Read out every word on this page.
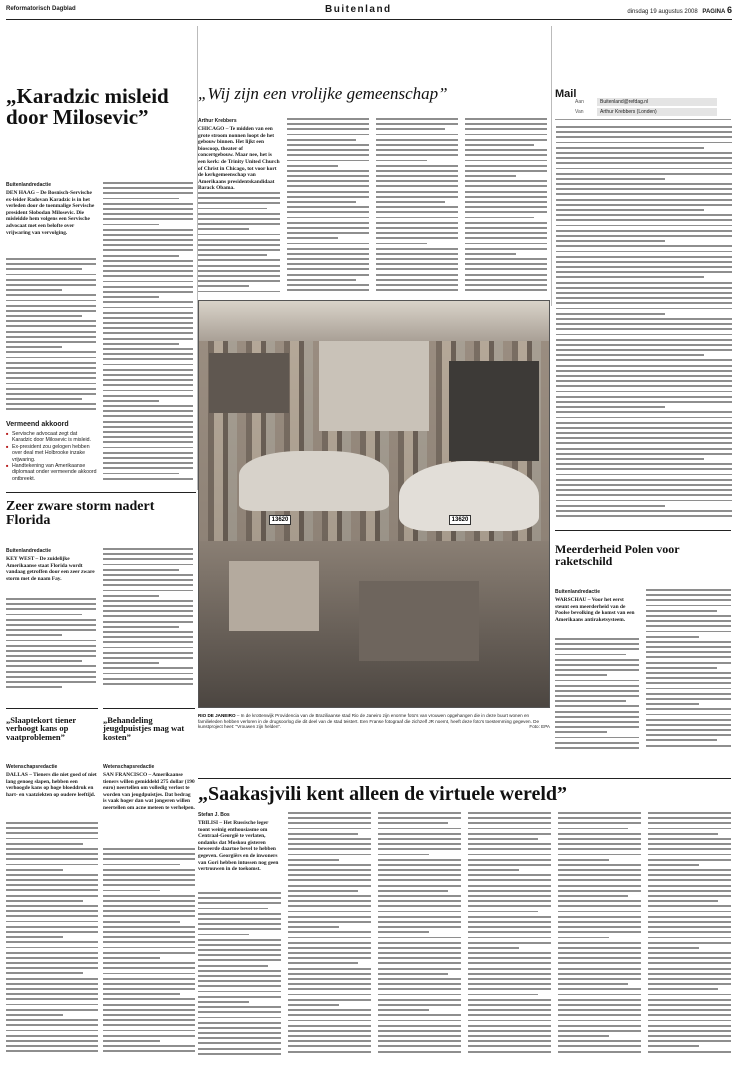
Reformatorisch Dagblad	Buitenland	dinsdag 19 augustus 2008 PAGINA 6
„Karadzic misleid door Milosevic”
Buitenlandredactie
DEN HAAG – De Bosnisch-Servische ex-leider Radovan Karadzic is in het verleden door de toenmalige Servische president Slobodan Milosevic. Die misleidde hem volgens een Servische advocaat met een belofte over vrijwaring van vervolging.
Vermeend akkoord
■ Servische advocaat zegt dat Karadzic door Milosevic is misleid.
■ Ex-president zou gelogen hebben over deal met Holbrooke inzake vrijwaring.
■ Handtekening van Amerikaanse diplomaat onder vermeende akkoord ontbreekt.
„Wij zijn een vrolijke gemeenschap”
Arthur Krebbers
CHICAGO – Te midden van een grote stroom nonnen loopt de het gebouw binnen. Het lijkt een bioscoop, theater of concertgebouw. Maar nee, het is een kerk: de Trinity United Church of Christ in Chicago, tot voor kort de kerkgemeenschap van Amerikaans presidentskandidaat Barack Obama.
Mail
Aan	Buitenland@refdag.nl
Van	Arthur Krebbers (Londen)
13620	13620
RIO DE JANEIRO – In de krottenwijk Providencia van de Braziliaanse stad Rio de Janeiro zijn enorme foto's van vrouwen opgehangen die in deze buurt wonen en familieleden hebben verloren in de drugsoorlog die dit deel van de stad teistert. Een Franse fotograaf die zichzelf JR noemt, heeft deze foto's toestemming gegeven. De kunstproject heet: "Vrouwen zijn helden".	Foto: EPA
Zeer zware storm nadert Florida
Buitenlandredactie
KEY WEST – De zuidelijke Amerikaanse staat Florida wordt vandaag getroffen door een zeer zware storm met de naam Fay.
„Slaaptekort tiener verhoogt kans op vaatproblemen”
Wetenschapsredactie
DALLAS – Tieners die niet goed of niet lang genoeg slapen, hebben een verhoogde kans op hoge bloeddruk en hart- en vaatziekten op oudere leeftijd.
„Behandeling jeugdpuistjes mag wat kosten”
Wetenschapsredactie
SAN FRANCISCO – Amerikaanse tieners willen gemiddeld 275 dollar (190 euro) neertellen om volledig verlost te worden van jeugdpuistjes. Dat bedrag is vaak hoger dan wat jongeren willen neertellen om acne meteen te verhelpen.
Meerderheid Polen voor raketschild
Buitenlandredactie
WARSCHAU – Voor het eerst steunt een meerderheid van de Poolse bevolking de komst van een Amerikaans antiraketsysteem.
„Saakasjvili kent alleen de virtuele wereld”
Stefan J. Bos
TBILISI – Het Russische leger toont weinig enthousiasme om Centraal-Georgië te verlaten, ondanks dat Moskou gisteren beweerde daartoe bevel te hebben gegeven. Georgiërs en de inwoners van Gori hebben intussen nog geen vertrouwen in de toekomst.
